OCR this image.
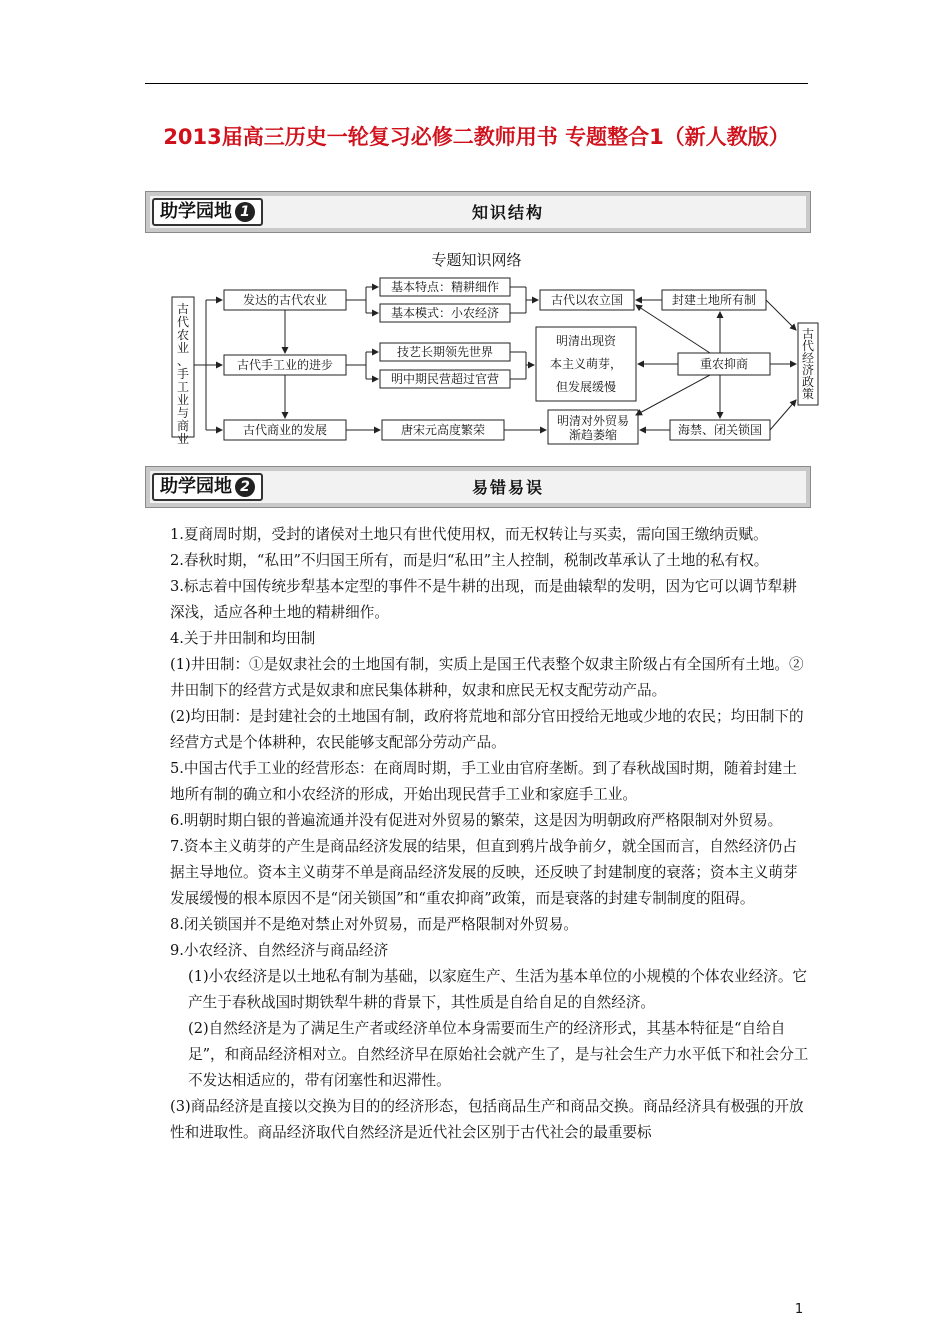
2013届高三历史一轮复习必修二教师用书 专题整合1（新人教版）
助学园地 1	知识结构
专题知识网络
古代农业、手工业与商业
古代经济政策
发达的古代农业
基本特点：精耕细作
基本模式：小农经济
古代以农立国	封建土地所有制
古代手工业的进步
技艺长期领先世界
明中期民营超过官营
明清出现资
本主义萌芽，
但发展缓慢
重农抑商
古代商业的发展	唐宋元高度繁荣
明清对外贸易
渐趋萎缩	海禁、闭关锁国
助学园地 2	易错易误

1.夏商周时期，受封的诸侯对土地只有世代使用权，而无权转让与买卖，需向国王缴纳贡赋。

2.春秋时期，“私田”不归国王所有，而是归“私田”主人控制，税制改革承认了土地的私有权。

3.标志着中国传统步犁基本定型的事件不是牛耕的出现，而是曲辕犁的发明，因为它可以调节犁耕深浅，适应各种土地的精耕细作。

4.关于井田制和均田制

(1)井田制：①是奴隶社会的土地国有制，实质上是国王代表整个奴隶主阶级占有全国所有土地。②井田制下的经营方式是奴隶和庶民集体耕种，奴隶和庶民无权支配劳动产品。

(2)均田制：是封建社会的土地国有制，政府将荒地和部分官田授给无地或少地的农民；均田制下的经营方式是个体耕种，农民能够支配部分劳动产品。

5.中国古代手工业的经营形态：在商周时期，手工业由官府垄断。到了春秋战国时期，随着封建土地所有制的确立和小农经济的形成，开始出现民营手工业和家庭手工业。

6.明朝时期白银的普遍流通并没有促进对外贸易的繁荣，这是因为明朝政府严格限制对外贸易。

7.资本主义萌芽的产生是商品经济发展的结果，但直到鸦片战争前夕，就全国而言，自然经济仍占据主导地位。资本主义萌芽不单是商品经济发展的反映，还反映了封建制度的衰落；资本主义萌芽发展缓慢的根本原因不是“闭关锁国”和“重农抑商”政策，而是衰落的封建专制制度的阻碍。

8.闭关锁国并不是绝对禁止对外贸易，而是严格限制对外贸易。

9.小农经济、自然经济与商品经济

(1)小农经济是以土地私有制为基础，以家庭生产、生活为基本单位的小规模的个体农业经济。它产生于春秋战国时期铁犁牛耕的背景下，其性质是自给自足的自然经济。

(2)自然经济是为了满足生产者或经济单位本身需要而生产的经济形式，其基本特征是“自给自足”，和商品经济相对立。自然经济早在原始社会就产生了，是与社会生产力水平低下和社会分工不发达相适应的，带有闭塞性和迟滞性。

(3)商品经济是直接以交换为目的的经济形态，包括商品生产和商品交换。商品经济具有极强的开放性和进取性。商品经济取代自然经济是近代社会区别于古代社会的最重要标

1
